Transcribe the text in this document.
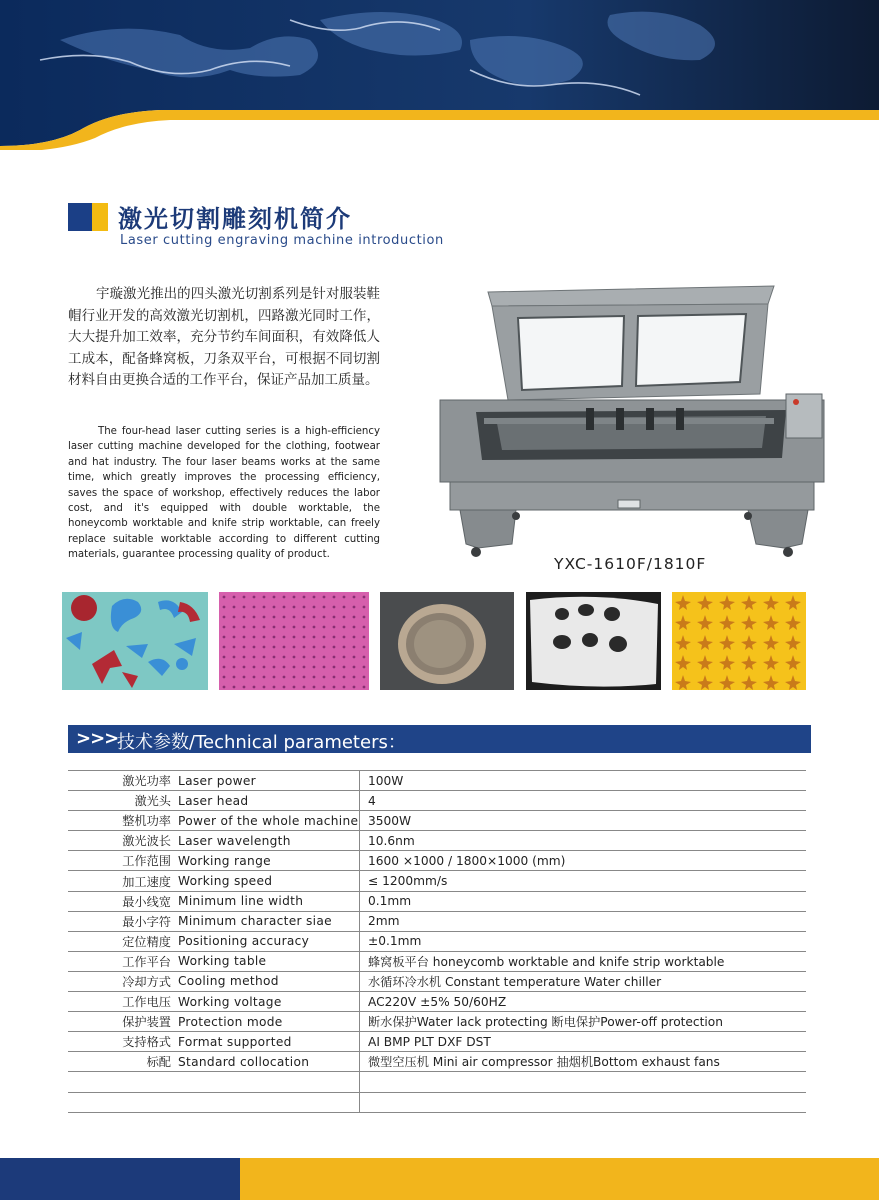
激光切割雕刻机简介
Laser cutting engraving machine introduction
宇璇激光推出的四头激光切割系列是针对服装鞋帽行业开发的高效激光切割机，四路激光同时工作，大大提升加工效率，充分节约车间面积，有效降低人工成本，配备蜂窝板，刀条双平台，可根据不同切割材料自由更换合适的工作平台，保证产品加工质量。
The four-head laser cutting series is a high-efficiency laser cutting machine developed for the clothing, footwear and hat industry. The four laser beams works at the same time, which greatly improves the processing efficiency, saves the space of workshop, effectively reduces the labor cost, and it's equipped with double worktable, the honeycomb worktable and knife strip worktable, can freely replace suitable worktable according to different cutting materials, guarantee processing quality of product.
YXC-1610F/1810F
>>>
技术参数/Technical parameters：
激光功率	Laser power	100W
激光头	Laser head	4
整机功率	Power of the whole machine	3500W
激光波长	Laser wavelength	10.6nm
工作范围	Working range	1600 ×1000 / 1800×1000 (mm)
加工速度	Working speed	≤ 1200mm/s
最小线宽	Minimum line width	0.1mm
最小字符	Minimum character siae	2mm
定位精度	Positioning accuracy	±0.1mm
工作平台	Working table	蜂窝板平台 honeycomb worktable and knife strip worktable
冷却方式	Cooling method	水循环冷水机 Constant temperature Water chiller
工作电压	Working voltage	AC220V ±5% 50/60HZ
保护装置	Protection mode	断水保护Water lack protecting 断电保护Power-off protection
支持格式	Format supported	AI BMP PLT DXF DST
标配	Standard collocation	微型空压机 Mini air compressor 抽烟机Bottom exhaust fans
